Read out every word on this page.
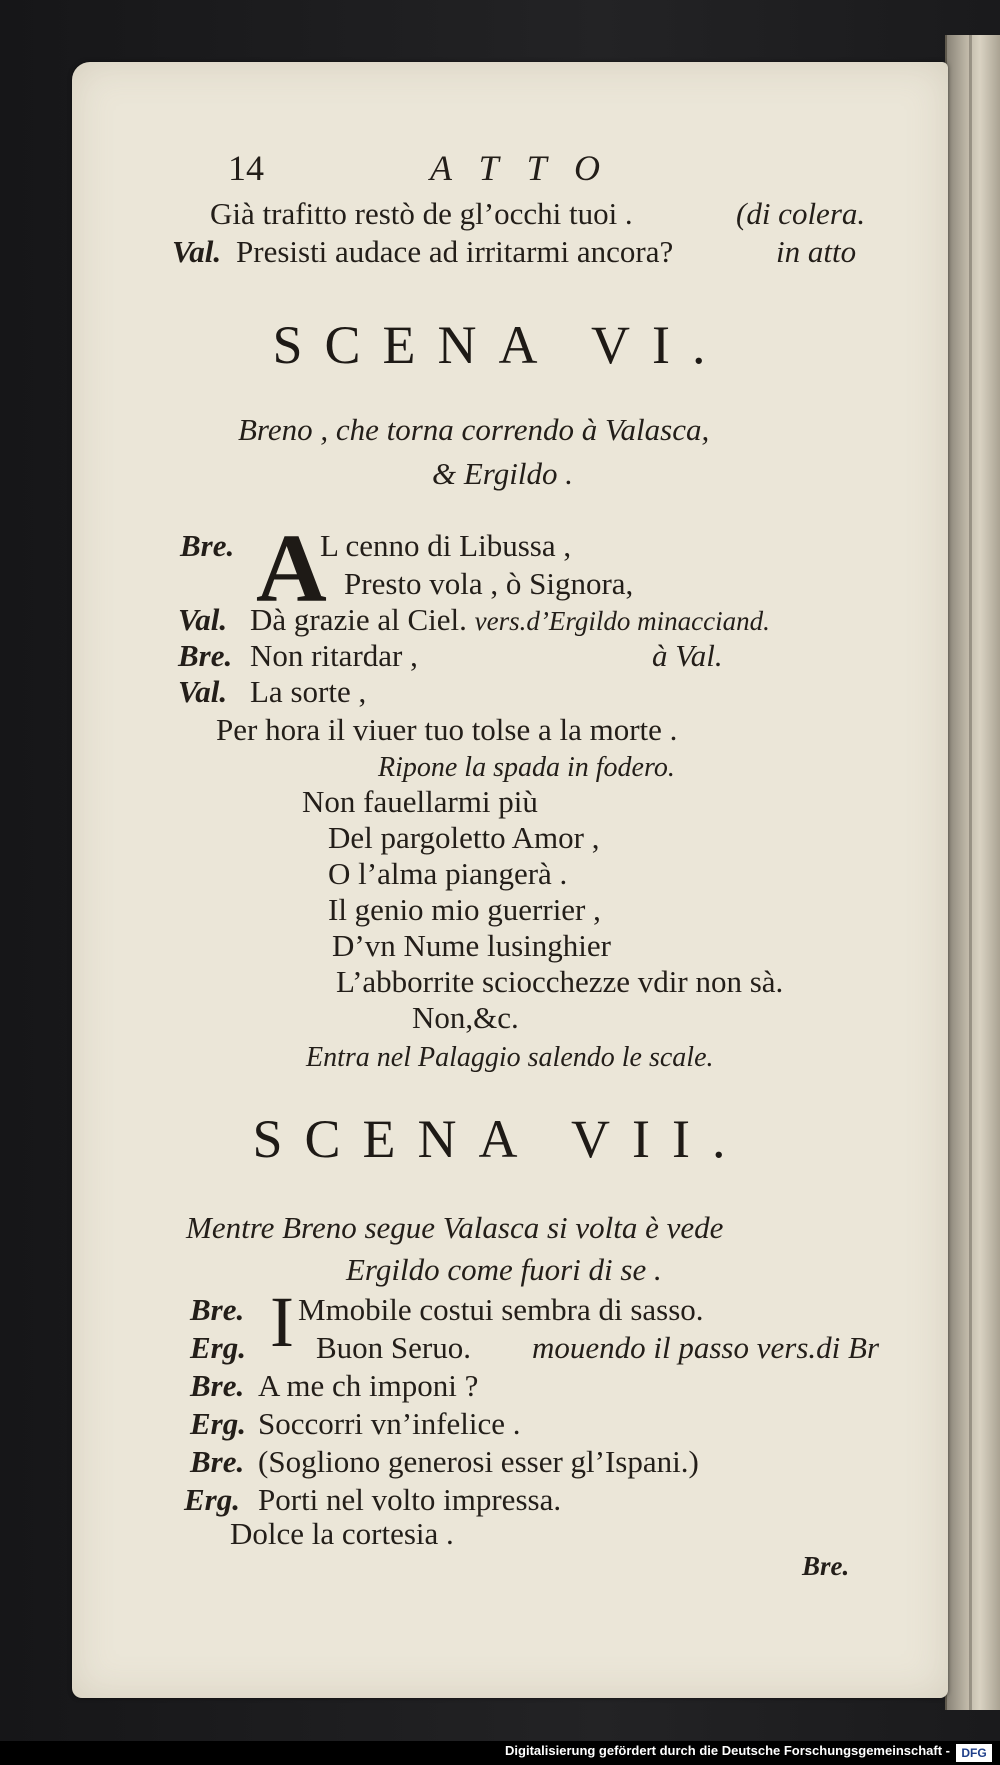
14	ATTO
Già trafitto restò de gl’occhi tuoi .	(di colera.
Val. Presisti audace ad irritarmi ancora?	in atto
SCENA VI.
Breno , che torna correndo à Valasca,
& Ergildo .
A
Bre.	L cenno di Libussa ,
Presto vola , ò Signora,
Val. Dà grazie al Ciel. vers.d’Ergildo minacciand.
Bre. Non ritardar ,	à Val.
Val. La sorte ,
Per hora il viuer tuo tolse a la morte .
Ripone la spada in fodero.
Non fauellarmi più
Del pargoletto Amor ,
O l’alma piangerà .
Il genio mio guerrier ,
D’vn Nume lusinghier
L’abborrite sciocchezze vdir non sà.
Non,&c.
Entra nel Palaggio salendo le scale.
SCENA VII.
Mentre Breno segue Valasca si volta è vede
Ergildo come fuori di se .
I
Bre. Mmobile costui sembra di sasso.
Erg. Buon Seruo. mouendo il passo vers.di Br
Bre. A me ch imponi ?
Erg. Soccorri vn’infelice .
Bre. (Sogliono generosi esser gl’Ispani.)
Erg. Porti nel volto impressa.
Dolce la cortesia .
Bre.
Digitalisierung gefördert durch die Deutsche Forschungsgemeinschaft - DFG
